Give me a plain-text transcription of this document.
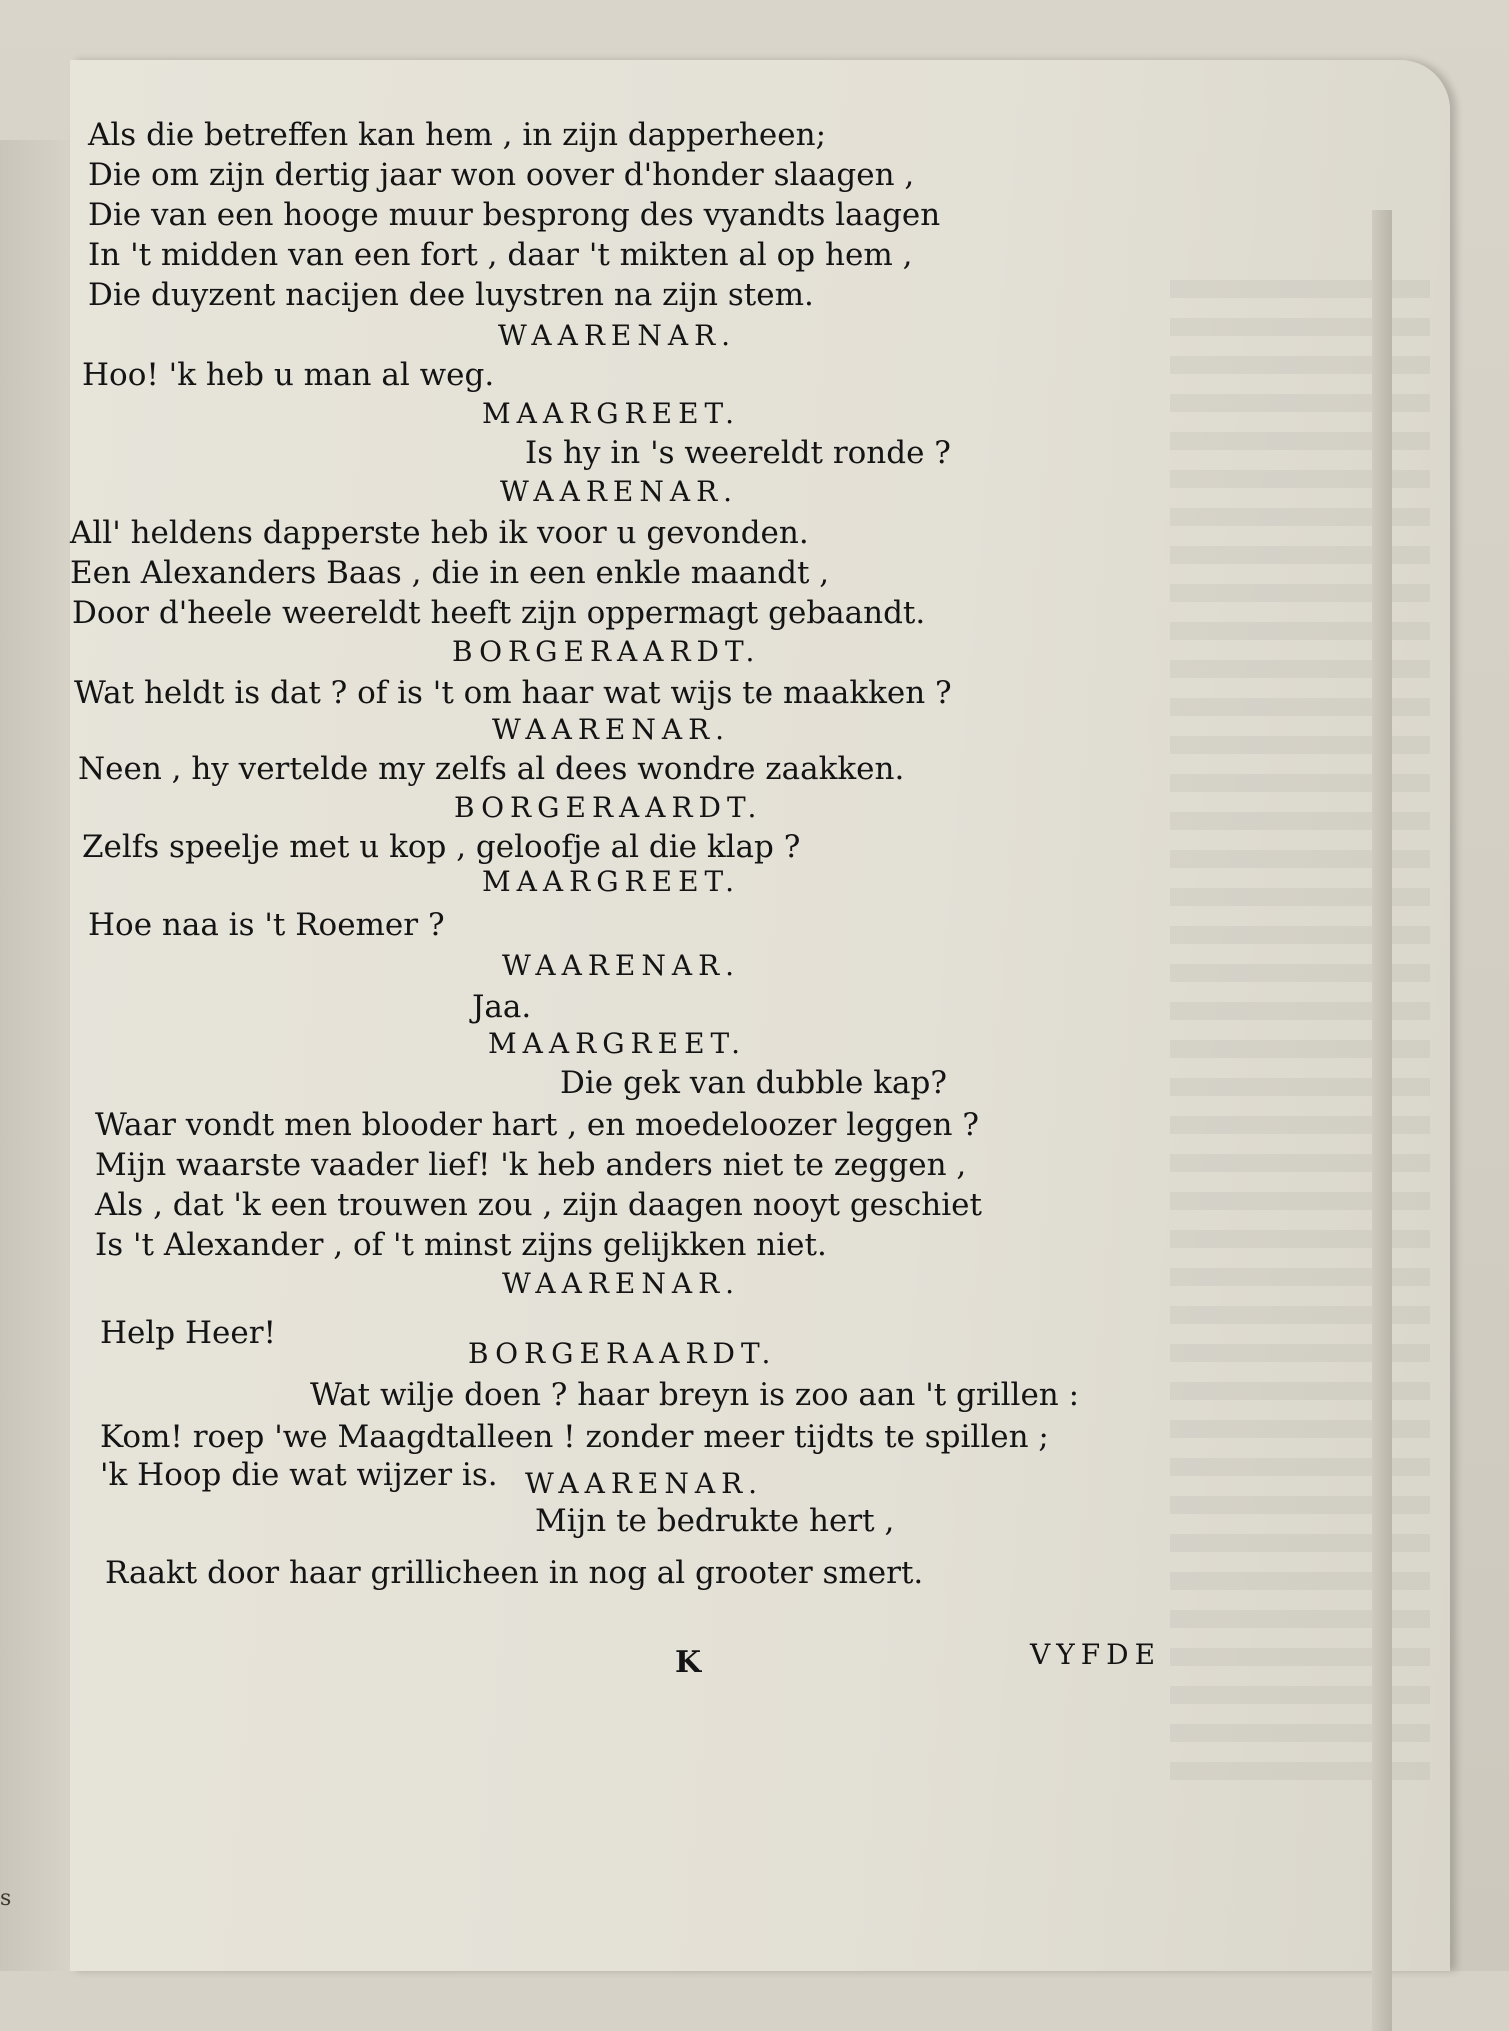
s
Als die betreffen kan hem , in zijn dapperheen;
Die om zijn dertig jaar won oover d'honder slaagen ,
Die van een hooge muur besprong des vyandts laagen
In 't midden van een fort , daar 't mikten al op hem ,
Die duyzent nacijen dee luystren na zijn stem.
WAARENAR.
Hoo! 'k heb u man al weg.
MAARGREET.
Is hy in 's weereldt ronde ?
WAARENAR.
All' heldens dapperste heb ik voor u gevonden.
Een Alexanders Baas , die in een enkle maandt ,
Door d'heele weereldt heeft zijn oppermagt gebaandt.
BORGERAARDT.
Wat heldt is dat ? of is 't om haar wat wijs te maakken ?
WAARENAR.
Neen , hy vertelde my zelfs al dees wondre zaakken.
BORGERAARDT.
Zelfs speelje met u kop , geloofje al die klap ?
MAARGREET.
Hoe naa is 't Roemer ?
WAARENAR.
Jaa.
MAARGREET.
Die gek van dubble kap?
Waar vondt men blooder hart , en moedeloozer leggen ?
Mijn waarste vaader lief! 'k heb anders niet te zeggen ,
Als , dat 'k een trouwen zou , zijn daagen nooyt geschiet
Is 't Alexander , of 't minst zijns gelijkken niet.
WAARENAR.
Help Heer!
BORGERAARDT.
Wat wilje doen ? haar breyn is zoo aan 't grillen :
Kom! roep 'we Maagdtalleen ! zonder meer tijdts te spillen ;
'k Hoop die wat wijzer is. WAARENAR.
Mijn te bedrukte hert ,
Raakt door haar grillicheen in nog al grooter smert.
K	VYFDE
